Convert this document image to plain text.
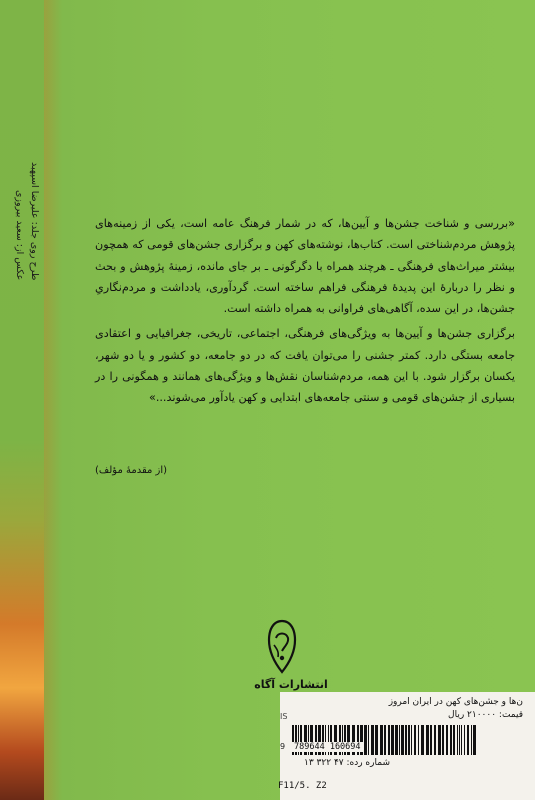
طرح روی جلد: علیرضا اسپهبد
عکس از: سعید بیروزی	«بررسی و شناخت جشن‌ها و آیین‌ها، که در شمار فرهنگ عامه است، یکی از زمینه‌های پژوهش مردم‌شناختی است. کتاب‌ها، نوشته‌های کهن و برگزاری جشن‌های قومی که همچون بیشتر میراث‌های فرهنگی ـ هرچند همراه با دگرگونی ـ بر جای مانده، زمینهٔ پژوهش و بحث و نظر را دربارهٔ این پدیدهٔ فرهنگی فراهم ساخته است. گردآوری، یادداشت و مردم‌نگاریِ جشن‌ها، در این سده، آگاهی‌های فراوانی به همراه داشته است.

برگزاری جشن‌ها و آیین‌ها به ویژگی‌های فرهنگی، اجتماعی، تاریخی، جغرافیایی و اعتقادی جامعه بستگی دارد. کمتر جشنی را می‌توان یافت که در دو جامعه، دو کشور و یا دو شهر، یکسان برگزار شود. با این همه، مردم‌شناسان نقش‌ها و ویژگی‌های همانند و همگونی را در بسیاری از جشن‌های قومی و سنتی جامعه‌های ابتدایی و کهن یادآور می‌شوند...»

(از مقدمهٔ مؤلف)
انتشارات آگاه
ن‌ها و جشن‌های کهن در ایران امروز
قیمت: ۲۱۰۰۰۰ ریال
IS
9 789644 160694
شماره رده: ۴۷ ۳۲۲ ۱۳
F11/5. Z2
